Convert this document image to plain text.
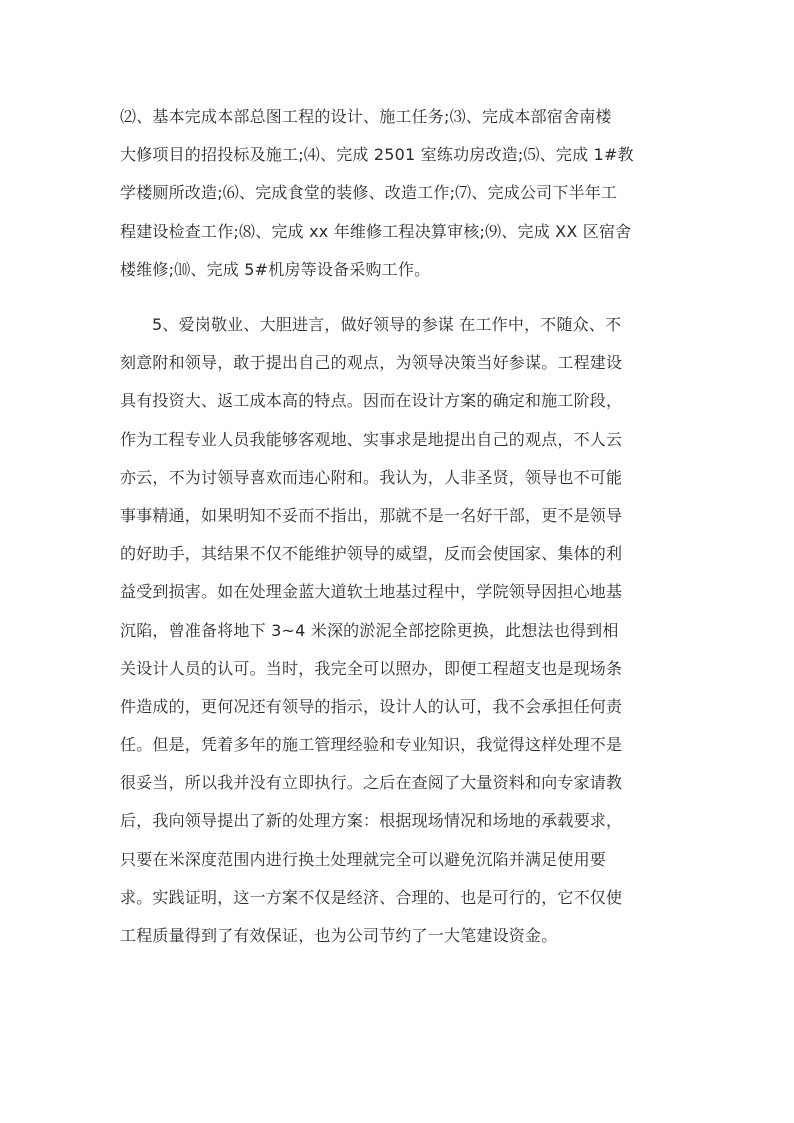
⑵、基本完成本部总图工程的设计、施工任务;⑶、完成本部宿舍南楼
大修项目的招投标及施工;⑷、完成 2501 室练功房改造;⑸、完成 1#教
学楼厕所改造;⑹、完成食堂的装修、改造工作;⑺、完成公司下半年工
程建设检查工作;⑻、完成 xx 年维修工程决算审核;⑼、完成 XX 区宿舍
楼维修;⑽、完成 5#机房等设备采购工作。
5、爱岗敬业、大胆进言，做好领导的参谋 在工作中，不随众、不
刻意附和领导，敢于提出自己的观点，为领导决策当好参谋。工程建设
具有投资大、返工成本高的特点。因而在设计方案的确定和施工阶段，
作为工程专业人员我能够客观地、实事求是地提出自己的观点，不人云
亦云，不为讨领导喜欢而违心附和。我认为，人非圣贤，领导也不可能
事事精通，如果明知不妥而不指出，那就不是一名好干部，更不是领导
的好助手，其结果不仅不能维护领导的威望，反而会使国家、集体的利
益受到损害。如在处理金蓝大道软土地基过程中，学院领导因担心地基
沉陷，曾准备将地下 3~4 米深的淤泥全部挖除更换，此想法也得到相
关设计人员的认可。当时，我完全可以照办，即便工程超支也是现场条
件造成的，更何况还有领导的指示，设计人的认可，我不会承担任何责
任。但是，凭着多年的施工管理经验和专业知识，我觉得这样处理不是
很妥当，所以我并没有立即执行。之后在查阅了大量资料和向专家请教
后，我向领导提出了新的处理方案：根据现场情况和场地的承载要求，
只要在米深度范围内进行换土处理就完全可以避免沉陷并满足使用要
求。实践证明，这一方案不仅是经济、合理的、也是可行的，它不仅使
工程质量得到了有效保证，也为公司节约了一大笔建设资金。
